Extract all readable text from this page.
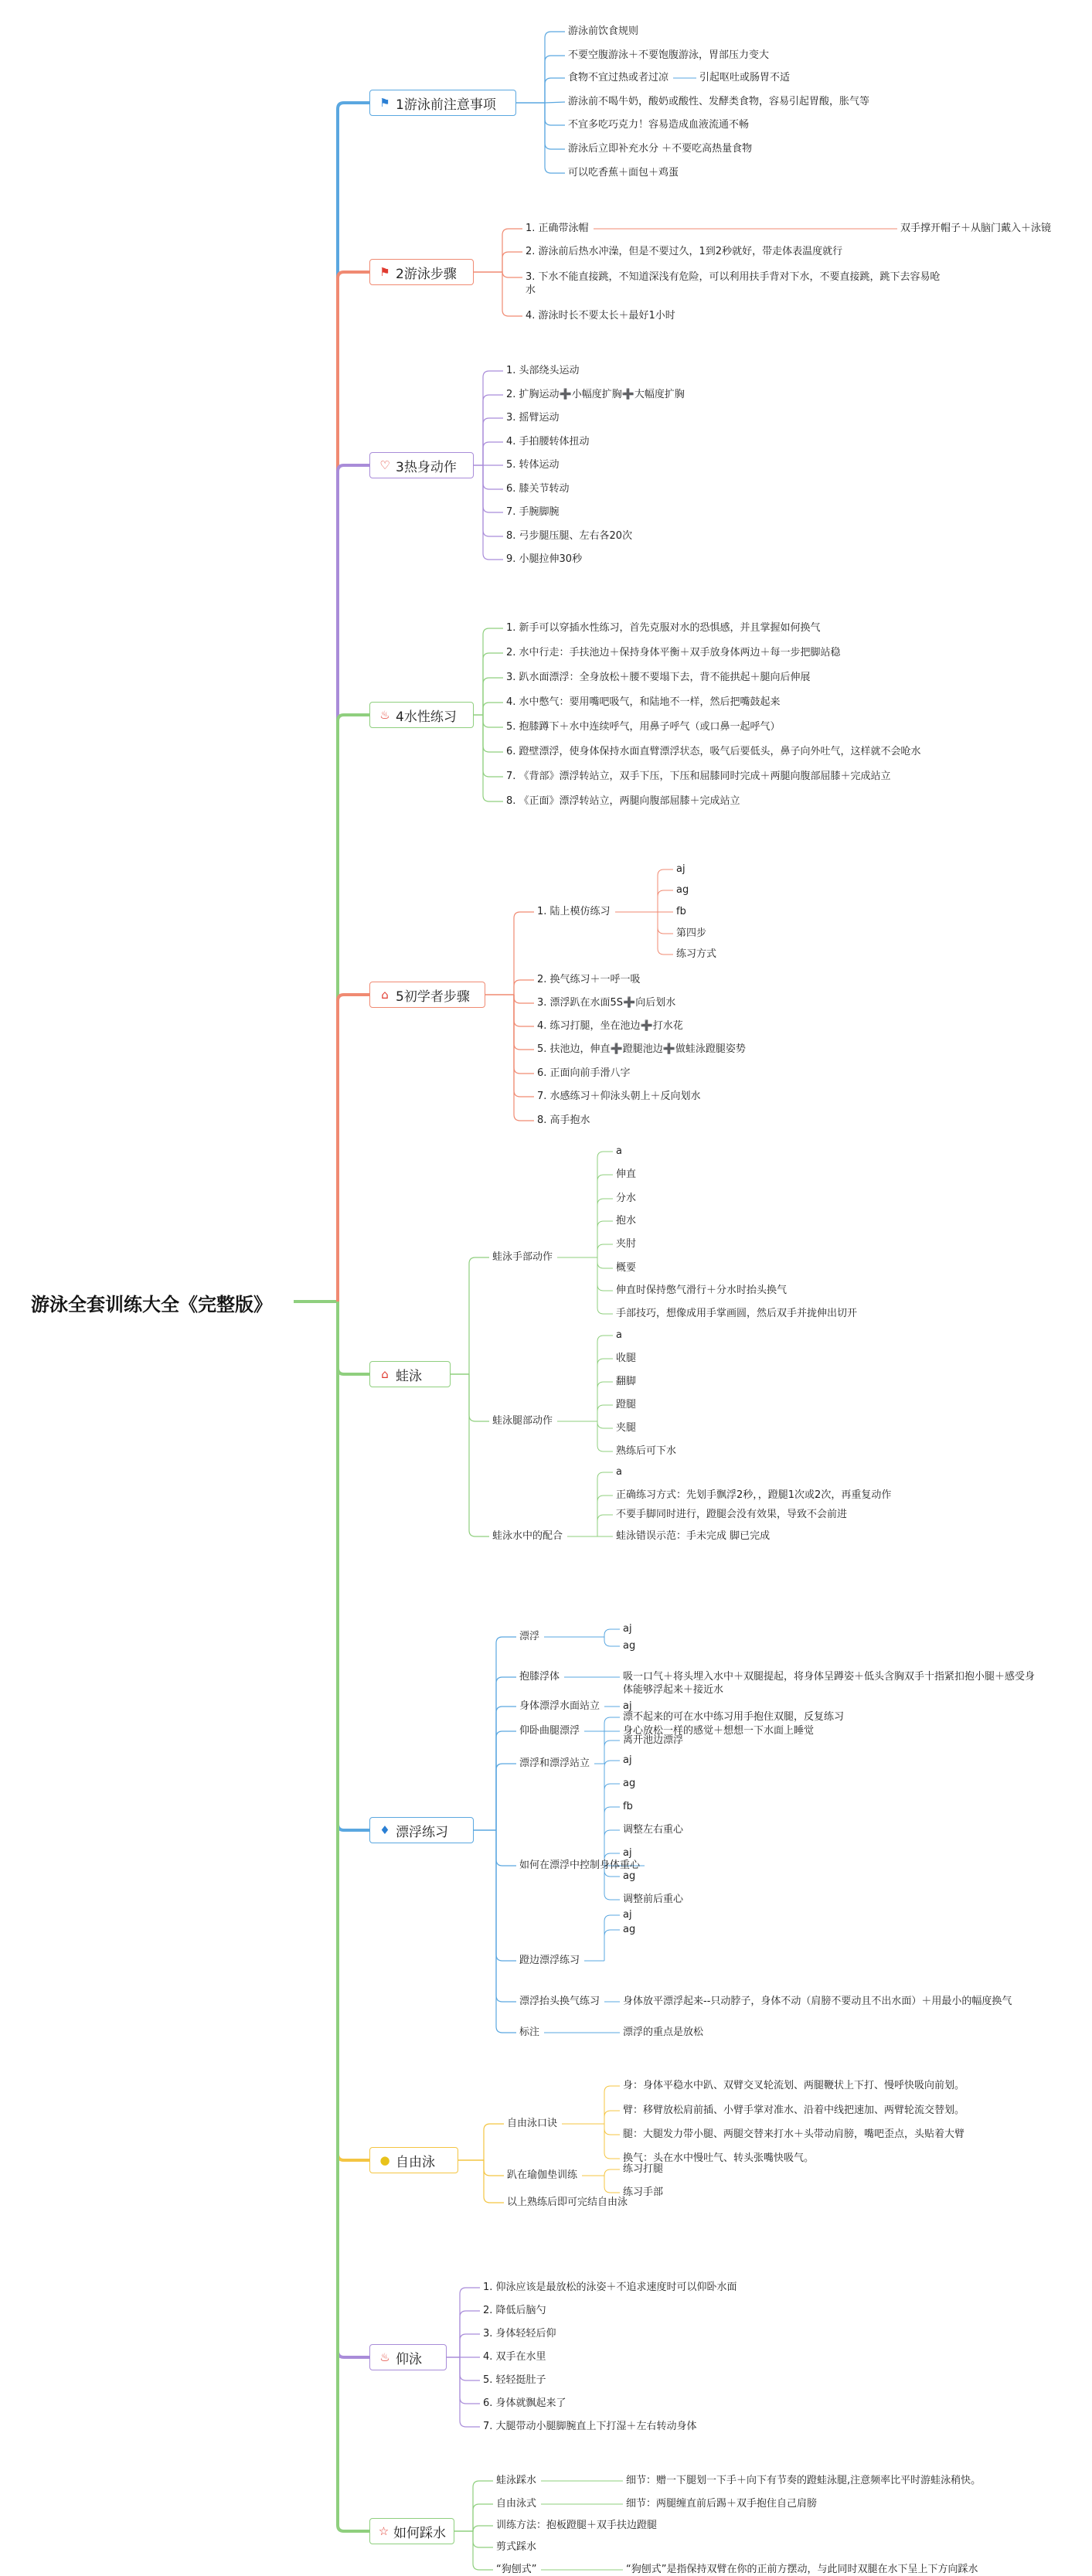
游泳全套训练大全《完整版》
⚑ 1游泳前注意事项
游泳前饮食规则
不要空腹游泳＋不要饱腹游泳，胃部压力变大
食物不宜过热或者过凉	引起呕吐或肠胃不适
游泳前不喝牛奶，酸奶或酸性、发酵类食物，容易引起胃酸，胀气等
不宜多吃巧克力！容易造成血液流通不畅
游泳后立即补充水分 ＋不要吃高热量食物
可以吃香蕉＋面包＋鸡蛋
⚑ 2游泳步骤
1. 正确带泳帽	双手撑开帽子＋从脑门戴入＋泳镜
2. 游泳前后热水冲澡，但是不要过久，1到2秒就好，带走体表温度就行
3. 下水不能直接跳，不知道深浅有危险，可以利用扶手背对下水，不要直接跳，跳下去容易呛水
4. 游泳时长不要太长＋最好1小时
♡ 3热身动作
1. 头部绕头运动
2. 扩胸运动➕小幅度扩胸➕大幅度扩胸
3. 摇臂运动
4. 手拍腰转体扭动
5. 转体运动
6. 膝关节转动
7. 手腕脚腕
8. 弓步腿压腿、左右各20次
9. 小腿拉伸30秒
♨ 4水性练习
1. 新手可以穿插水性练习，首先克服对水的恐惧感，并且掌握如何换气
2. 水中行走：手扶池边＋保持身体平衡＋双手放身体两边＋每一步把脚站稳
3. 趴水面漂浮：全身放松＋腰不要塌下去，背不能拱起＋腿向后伸展
4. 水中憋气：要用嘴吧吸气，和陆地不一样，然后把嘴鼓起来
5. 抱膝蹲下＋水中连续呼气，用鼻子呼气（或口鼻一起呼气）
6. 蹬壁漂浮，使身体保持水面直臂漂浮状态，吸气后要低头，鼻子向外吐气，这样就不会呛水
7. 《背部》漂浮转站立，双手下压，下压和屈膝同时完成＋两腿向腹部屈膝＋完成站立
8. 《正面》漂浮转站立，两腿向腹部屈膝＋完成站立
⌂ 5初学者步骤
1. 陆上模仿练习
aj
ag
fb
第四步
练习方式
2. 换气练习＋一呼一吸
3. 漂浮趴在水面5S➕向后划水
4. 练习打腿，坐在池边➕打水花
5. 扶池边，伸直➕蹬腿池边➕做蛙泳蹬腿姿势
6. 正面向前手滑八字
7. 水感练习＋仰泳头朝上＋反向划水
8. 高手抱水
⌂ 蛙泳
蛙泳手部动作
a
伸直
分水
抱水
夹肘
概要
伸直时保持憋气滑行＋分水时抬头换气
手部技巧，想像成用手掌画圆，然后双手并拢伸出切开
蛙泳腿部动作
a
收腿
翻脚
蹬腿
夹腿
熟练后可下水
蛙泳水中的配合
a
正确练习方式：先划手飘浮2秒，，蹬腿1次或2次，再重复动作
不要手脚同时进行，蹬腿会没有效果，导致不会前进
蛙泳错误示范：手未完成 脚已完成
♦ 漂浮练习
漂浮
aj
ag
抱膝浮体	吸一口气＋将头埋入水中＋双腿提起，将身体呈蹲姿＋低头含胸双手十指紧扣抱小腿＋感受身体能够浮起来＋接近水
身体漂浮水面站立 aj
仰卧曲腿漂浮	身心放松一样的感觉＋想想一下水面上睡觉
漂浮和漂浮站立
漂不起来的可在水中练习用手抱住双腿，反复练习
离开池边漂浮
如何在漂浮中控制身体重心
aj
ag
fb
调整左右重心
aj
ag
调整前后重心
蹬边漂浮练习
aj
ag
漂浮抬头换气练习 身体放平漂浮起来--只动脖子，身体不动（肩膀不要动且不出水面）＋用最小的幅度换气
标注	漂浮的重点是放松
● 自由泳
自由泳口诀
身：身体平稳水中趴、双臂交叉轮流划、两腿鞭状上下打、慢呼快吸向前划。
臂：移臂放松肩前插、小臂手掌对准水、沿着中线把速加、两臂轮流交替划。
腿：大腿发力带小腿、两腿交替来打水＋头带动肩膀，嘴吧歪点，头贴着大臂
换气：头在水中慢吐气、转头张嘴快吸气。
趴在瑜伽垫训练
练习打腿
练习手部
以上熟练后即可完结自由泳
♨ 仰泳
1. 仰泳应该是最放松的泳姿＋不追求速度时可以仰卧水面
2. 降低后脑勺
3. 身体轻轻后仰
4. 双手在水里
5. 轻轻挺肚子
6. 身体就飘起来了
7. 大腿带动小腿脚腕直上下打湿＋左右转动身体
☆ 如何踩水
蛙泳踩水	细节：赠一下腿划一下手＋向下有节奏的蹬蛙泳腿,注意频率比平时游蛙泳稍快。
自由泳式	细节：两腿缠直前后踢＋双手抱住自己肩膀
训练方法：抱板蹬腿＋双手扶边蹬腿
剪式踩水
“狗刨式”	“狗刨式”是指保持双臂在你的正前方摆动，与此同时双腿在水下呈上下方向踩水
